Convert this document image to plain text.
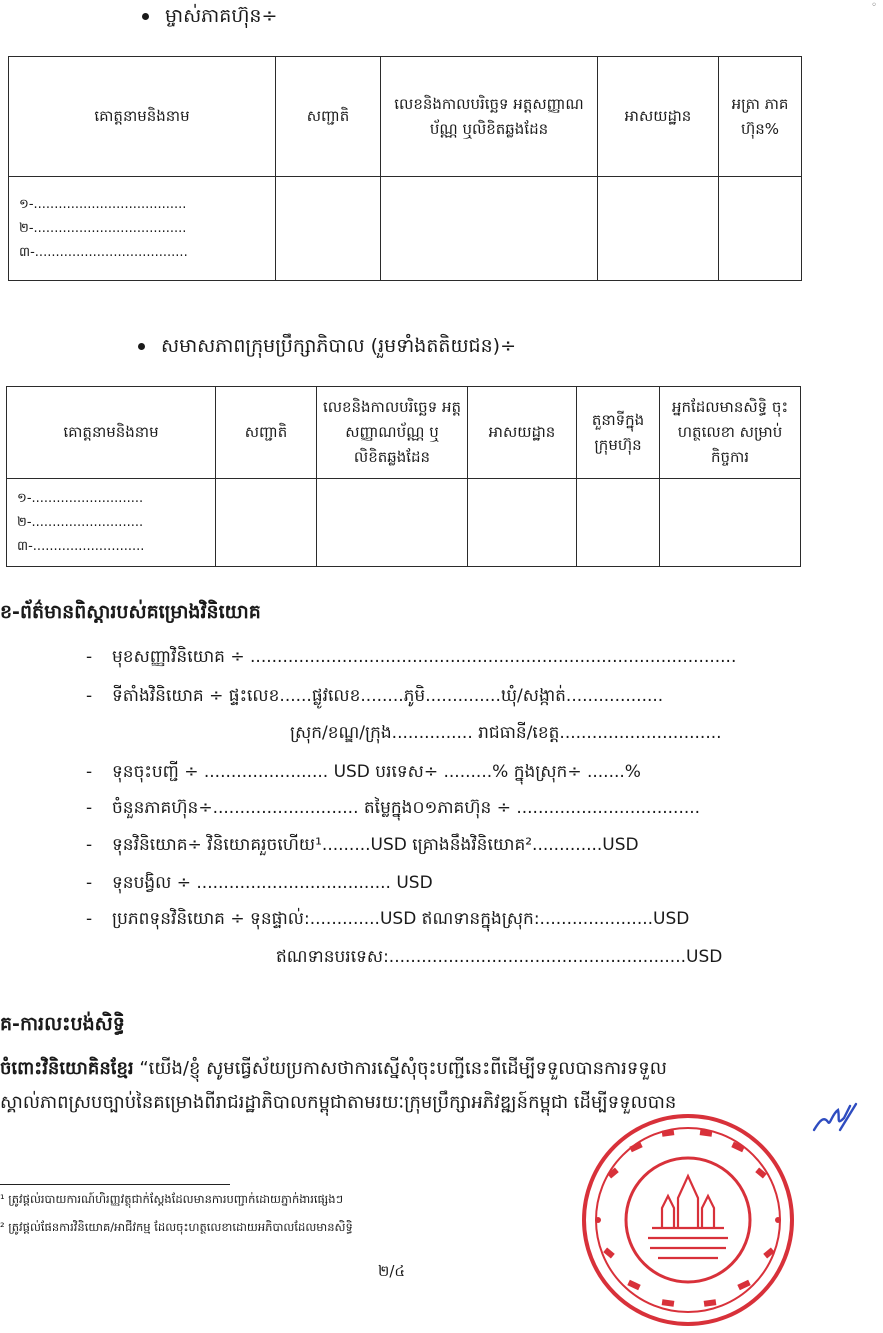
◦
ម្ចាស់ភាគហ៊ុន÷
គោត្តនាមនិងនាម	សញ្ជាតិ	លេខនិងកាលបរិច្ឆេទ អត្តសញ្ញាណប័ណ្ណ ឬលិខិតឆ្លងដែន	អាសយដ្ឋាន	អត្រា ភាគហ៊ុន%

១-.....................................
២-.....................................
៣-.....................................				

សមាសភាពក្រុមប្រឹក្សាភិបាល (រួមទាំងតតិយជន)÷
គោត្តនាមនិងនាម	សញ្ជាតិ	លេខនិងកាលបរិច្ឆេទ អត្តសញ្ញាណប័ណ្ណ ឬលិខិតឆ្លងដែន	អាសយដ្ឋាន	តួនាទីក្នុង ក្រុមហ៊ុន	អ្នកដែលមានសិទ្ធិ ចុះហត្ថលេខា សម្រាប់កិច្ចការ

១-...........................
២-...........................
៣-...........................					

ខ-ព័ត៌មានពិស្តារបស់គម្រោងវិនិយោគ
- មុខសញ្ញាវិនិយោគ ÷ ..........................................................................................
- ទីតាំងវិនិយោគ ÷ ផ្ទះលេខ......ផ្លូវលេខ........ភូមិ..............ឃុំ/សង្កាត់..................
ស្រុក/ខណ្ឌ/ក្រុង............... រាជធានី/ខេត្ត..............................
- ទុនចុះបញ្ជី ÷ ....................... USD បរទេស÷ .........% ក្នុងស្រុក÷ .......%
- ចំនួនភាគហ៊ុន÷........................... តម្លៃក្នុង០១ភាគហ៊ុន ÷ ..................................
- ទុនវិនិយោគ÷ វិនិយោគរួចហើយ¹.........USD គ្រោងនឹងវិនិយោគ².............USD
- ទុនបង្វិល ÷ .................................... USD
- ប្រភពទុនវិនិយោគ ÷ ទុនផ្ទាល់:.............USD ឥណទានក្នុងស្រុក:.....................USD
ឥណទានបរទេស:.......................................................USD
គ-ការលះបង់សិទ្ធិ
ចំពោះវិនិយោគិនខ្មែរ “យើង/ខ្ញុំ សូមធ្វើស័យប្រកាសថាការស្នើសុំចុះបញ្ជីនេះពីដើម្បីទទួលបានការទទួល
ស្គាល់ភាពស្របច្បាប់នៃគម្រោងពីរាជរដ្ឋាភិបាលកម្ពុជាតាមរយៈក្រុមប្រឹក្សាអភិវឌ្ឍន៍កម្ពុជា ដើម្បីទទួលបាន
¹ ត្រូវផ្តល់របាយការណ៍ហិរញ្ញវត្ថុជាក់ស្តែងដែលមានការបញ្ជាក់ដោយភ្នាក់ងារផ្សេងៗ
² ត្រូវផ្តល់ផែនការវិនិយោគ/អាជីវកម្ម ដែលចុះហត្ថលេខាដោយអភិបាលដែលមានសិទ្ធិ
២/៤
